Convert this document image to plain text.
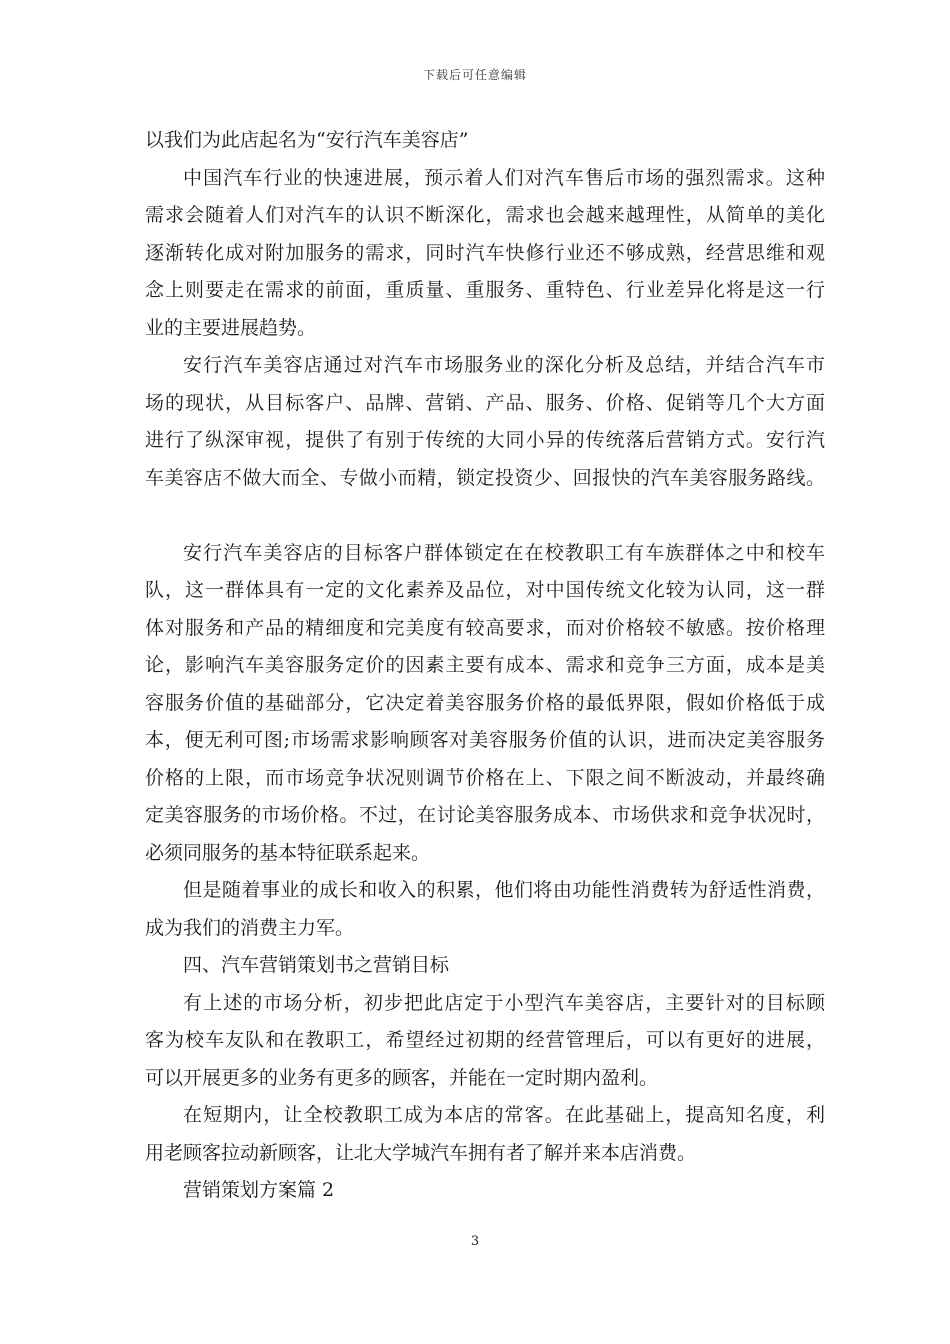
下载后可任意编辑
以我们为此店起名为“安行汽车美容店”
中国汽车行业的快速进展，预示着人们对汽车售后市场的强烈需求。这种
需求会随着人们对汽车的认识不断深化，需求也会越来越理性，从简单的美化
逐渐转化成对附加服务的需求，同时汽车快修行业还不够成熟，经营思维和观
念上则要走在需求的前面，重质量、重服务、重特色、行业差异化将是这一行
业的主要进展趋势。
安行汽车美容店通过对汽车市场服务业的深化分析及总结，并结合汽车市
场的现状，从目标客户、品牌、营销、产品、服务、价格、促销等几个大方面
进行了纵深审视，提供了有别于传统的大同小异的传统落后营销方式。安行汽
车美容店不做大而全、专做小而精，锁定投资少、回报快的汽车美容服务路线。
安行汽车美容店的目标客户群体锁定在在校教职工有车族群体之中和校车
队，这一群体具有一定的文化素养及品位，对中国传统文化较为认同，这一群
体对服务和产品的精细度和完美度有较高要求，而对价格较不敏感。按价格理
论，影响汽车美容服务定价的因素主要有成本、需求和竞争三方面，成本是美
容服务价值的基础部分，它决定着美容服务价格的最低界限，假如价格低于成
本，便无利可图;市场需求影响顾客对美容服务价值的认识，进而决定美容服务
价格的上限，而市场竞争状况则调节价格在上、下限之间不断波动，并最终确
定美容服务的市场价格。不过，在讨论美容服务成本、市场供求和竞争状况时，
必须同服务的基本特征联系起来。
但是随着事业的成长和收入的积累，他们将由功能性消费转为舒适性消费，
成为我们的消费主力军。
四、汽车营销策划书之营销目标
有上述的市场分析，初步把此店定于小型汽车美容店，主要针对的目标顾
客为校车友队和在教职工，希望经过初期的经营管理后，可以有更好的进展，
可以开展更多的业务有更多的顾客，并能在一定时期内盈利。
在短期内，让全校教职工成为本店的常客。在此基础上，提高知名度，利
用老顾客拉动新顾客，让北大学城汽车拥有者了解并来本店消费。
营销策划方案篇 2
3
